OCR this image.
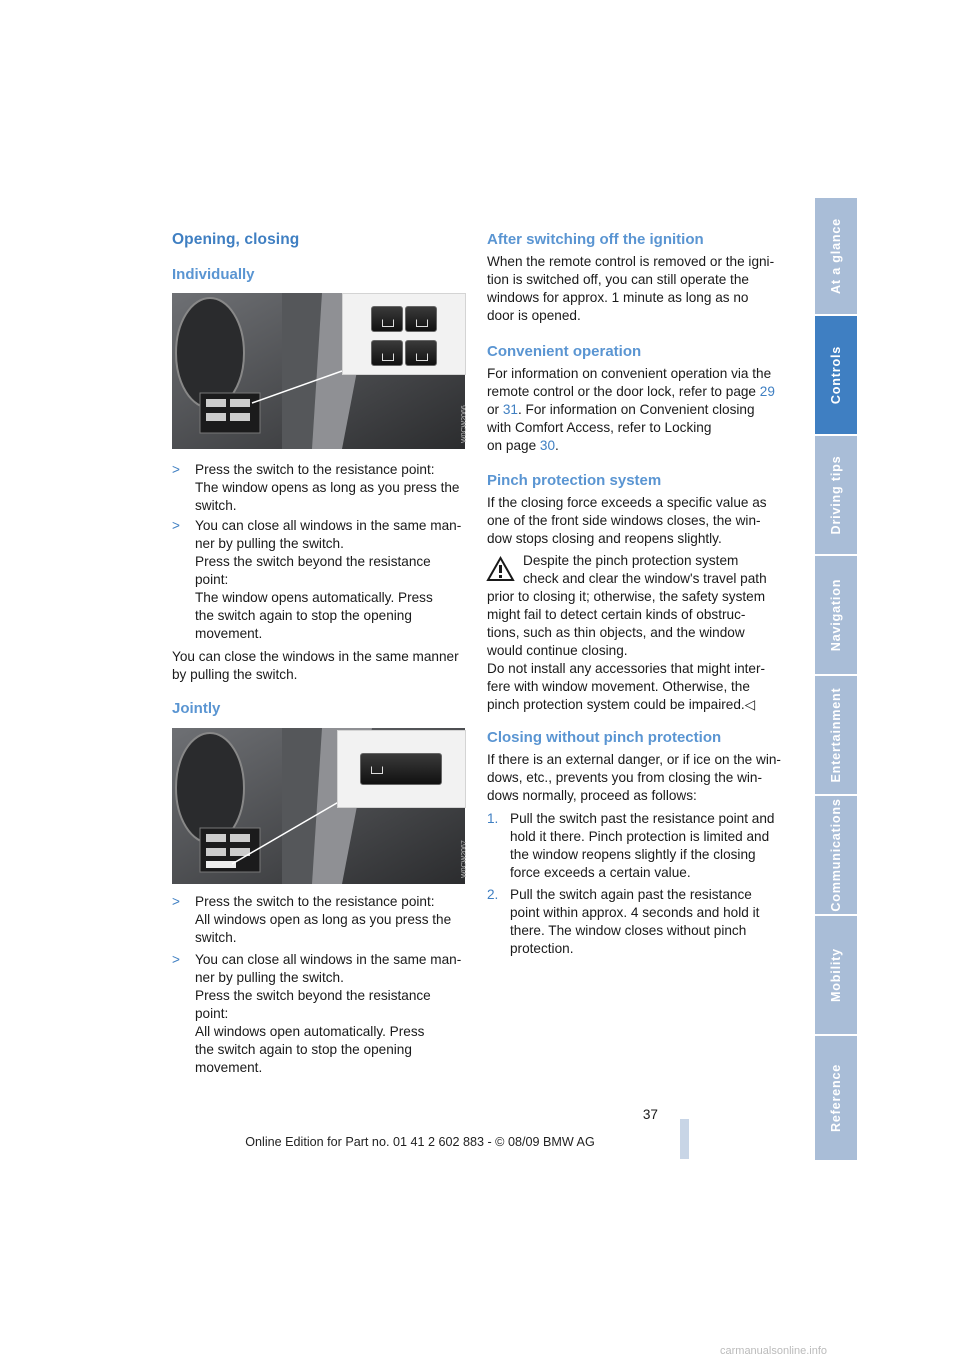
At a glance
Controls
Driving tips
Navigation
Entertainment
Communications
Mobility
Reference
Opening, closing
Individually
W0CW2066
> Press the switch to the resistance point:
The window opens as long as you press the
switch.
> You can close all windows in the same man-
ner by pulling the switch.
Press the switch beyond the resistance
point:
The window opens automatically. Press
the switch again to stop the opening
movement.

You can close the windows in the same manner
by pulling the switch.

Jointly
W0CW2067
> Press the switch to the resistance point:
All windows open as long as you press the
switch.
> You can close all windows in the same man-
ner by pulling the switch.
Press the switch beyond the resistance
point:
All windows open automatically. Press
the switch again to stop the opening
movement.
After switching off the ignition

When the remote control is removed or the igni-
tion is switched off, you can still operate the
windows for approx. 1 minute as long as no
door is opened.

Convenient operation

For information on convenient operation via the
remote control or the door lock, refer to page 29
or 31. For information on Convenient closing
with Comfort Access, refer to Locking
on page 30.

Pinch protection system

If the closing force exceeds a specific value as
one of the front side windows closes, the win-
dow stops closing and reopens slightly.

Despite the pinch protection system
check and clear the window's travel path

prior to closing it; otherwise, the safety system
might fail to detect certain kinds of obstruc-
tions, such as thin objects, and the window
would continue closing.
Do not install any accessories that might inter-
fere with window movement. Otherwise, the
pinch protection system could be impaired.◁

Closing without pinch protection

If there is an external danger, or if ice on the win-
dows, etc., prevents you from closing the win-
dows normally, proceed as follows:

1. Pull the switch past the resistance point and
hold it there. Pinch protection is limited and
the window reopens slightly if the closing
force exceeds a certain value.
2. Pull the switch again past the resistance
point within approx. 4 seconds and hold it
there. The window closes without pinch
protection.
37
Online Edition for Part no. 01 41 2 602 883 - © 08/09 BMW AG
carmanualsonline.info
